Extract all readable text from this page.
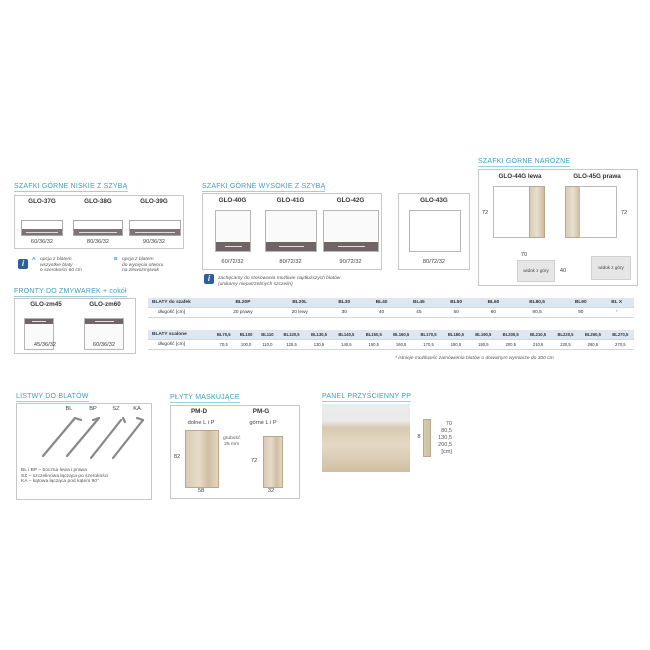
SZAFKI GÓRNE NISKIE Z SZYBĄ
GLO-37G	GLO-38G	GLO-39G
60/36/32	80/36/32	90/36/32
i	A opcja z blatem
wszystkie blaty
o szerokości 60 cm
B opcja z blatem
do wycięcia otworu
na zlewozmywak
SZAFKI GÓRNE WYSOKIE Z SZYBĄ
GLO-40G	GLO-41G	GLO-42G
60/72/32	80/72/32	90/72/32
GLO-43G
80/72/32
i	zachęcamy do stosowania możliwie najdłuższych blatów
(unikamy niepotrzebnych szczelin)
SZAFKI GÓRNE NAROŻNE
GLO-44G lewa	GLO-45G prawa
72	72
70
widok z góry	40
widok z góry
FRONTY DO ZMYWAREK + cokół
GLO-zm45	GLO-zm60
45/36/32	60/36/32
BLATY do szafek	BL20P	BL20L	BL30	BL40	BL45	BL50	BL60	BL80,5	BL90	BL X
długość [cm]	20 prawy	20 lewy	30	40	45	50	60	80,5	90	*
BLATY scalone	BL70,5	BL100	BL110	BL120,5	BL130,5	BL140,5	BL150,5	BL160,5	BL170,5	BL180,5	BL190,5	BL200,5	BL210,5	BL220,5	BL260,5	BL270,5
długość [cm]	70,5	100,0	110,0	125,5	130,5	140,5	150,5	160,5	170,5	180,5	190,5	200,5	210,5	220,5	260,5	270,5
* istnieje możliwość zamówienia blatów o dowolnym wymiarze do 300 cm
LISTWY DO BLATÓW
BL	BP	SZ	KA
BL i BP – boczna lewa i prawa
SZ – szczelinowa łącząca po szerokości
KA – kątowa łącząca pod kątem 90°
PŁYTY MASKUJĄCE
PM-D	PM-G
dolne L i P	górne L i P
grubość
25 mm
82
58
72
32
PANEL PRZYŚCIENNY PP
8
70
80,5
130,5
200,5
[cm]
